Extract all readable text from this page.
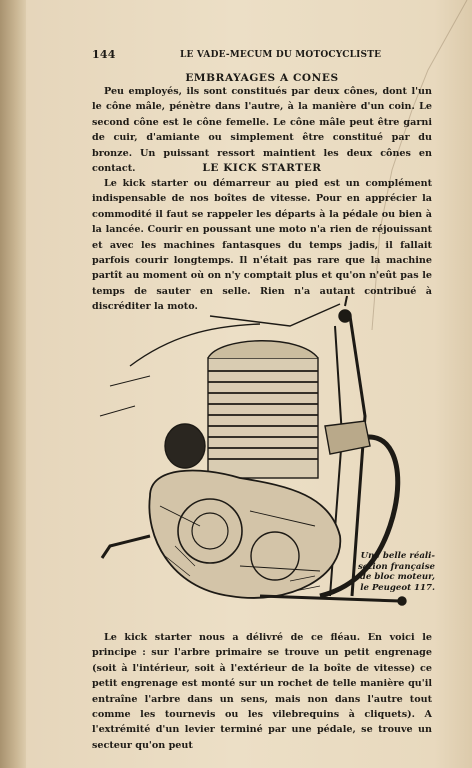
144	LE VADE-MECUM DU MOTOCYCLISTE
EMBRAYAGES A CONES

Peu employés, ils sont constitués par deux cônes, dont l'un le cône mâle, pénètre dans l'autre, à la manière d'un coin. Le second cône est le cône femelle. Le cône mâle peut être garni de cuir, d'amiante ou simplement être constitué par du bronze. Un puissant ressort maintient les deux cônes en contact.	LE KICK STARTER

Le kick starter ou démarreur au pied est un complément indispensable de nos boîtes de vitesse. Pour en apprécier la commodité il faut se rappeler les départs à la pédale ou bien à la lancée. Courir en poussant une moto n'a rien de réjouissant et avec les machines fantasques du temps jadis, il fallait parfois courir longtemps. Il n'était pas rare que la machine partît au moment où on n'y comptait plus et qu'on n'eût pas le temps de sauter en selle. Rien n'a autant contribué à discréditer la moto.

Une belle réali-
sation française
de bloc moteur,
le Peugeot 117.

Le kick starter nous a délivré de ce fléau. En voici le principe : sur l'arbre primaire se trouve un petit engrenage (soit à l'intérieur, soit à l'extérieur de la boîte de vitesse) ce petit engrenage est monté sur un rochet de telle manière qu'il entraîne l'arbre dans un sens, mais non dans l'autre tout comme les tournevis ou les vilebrequins à cliquets). A l'extrémité d'un levier terminé par une pédale, se trouve un secteur qu'on peut
